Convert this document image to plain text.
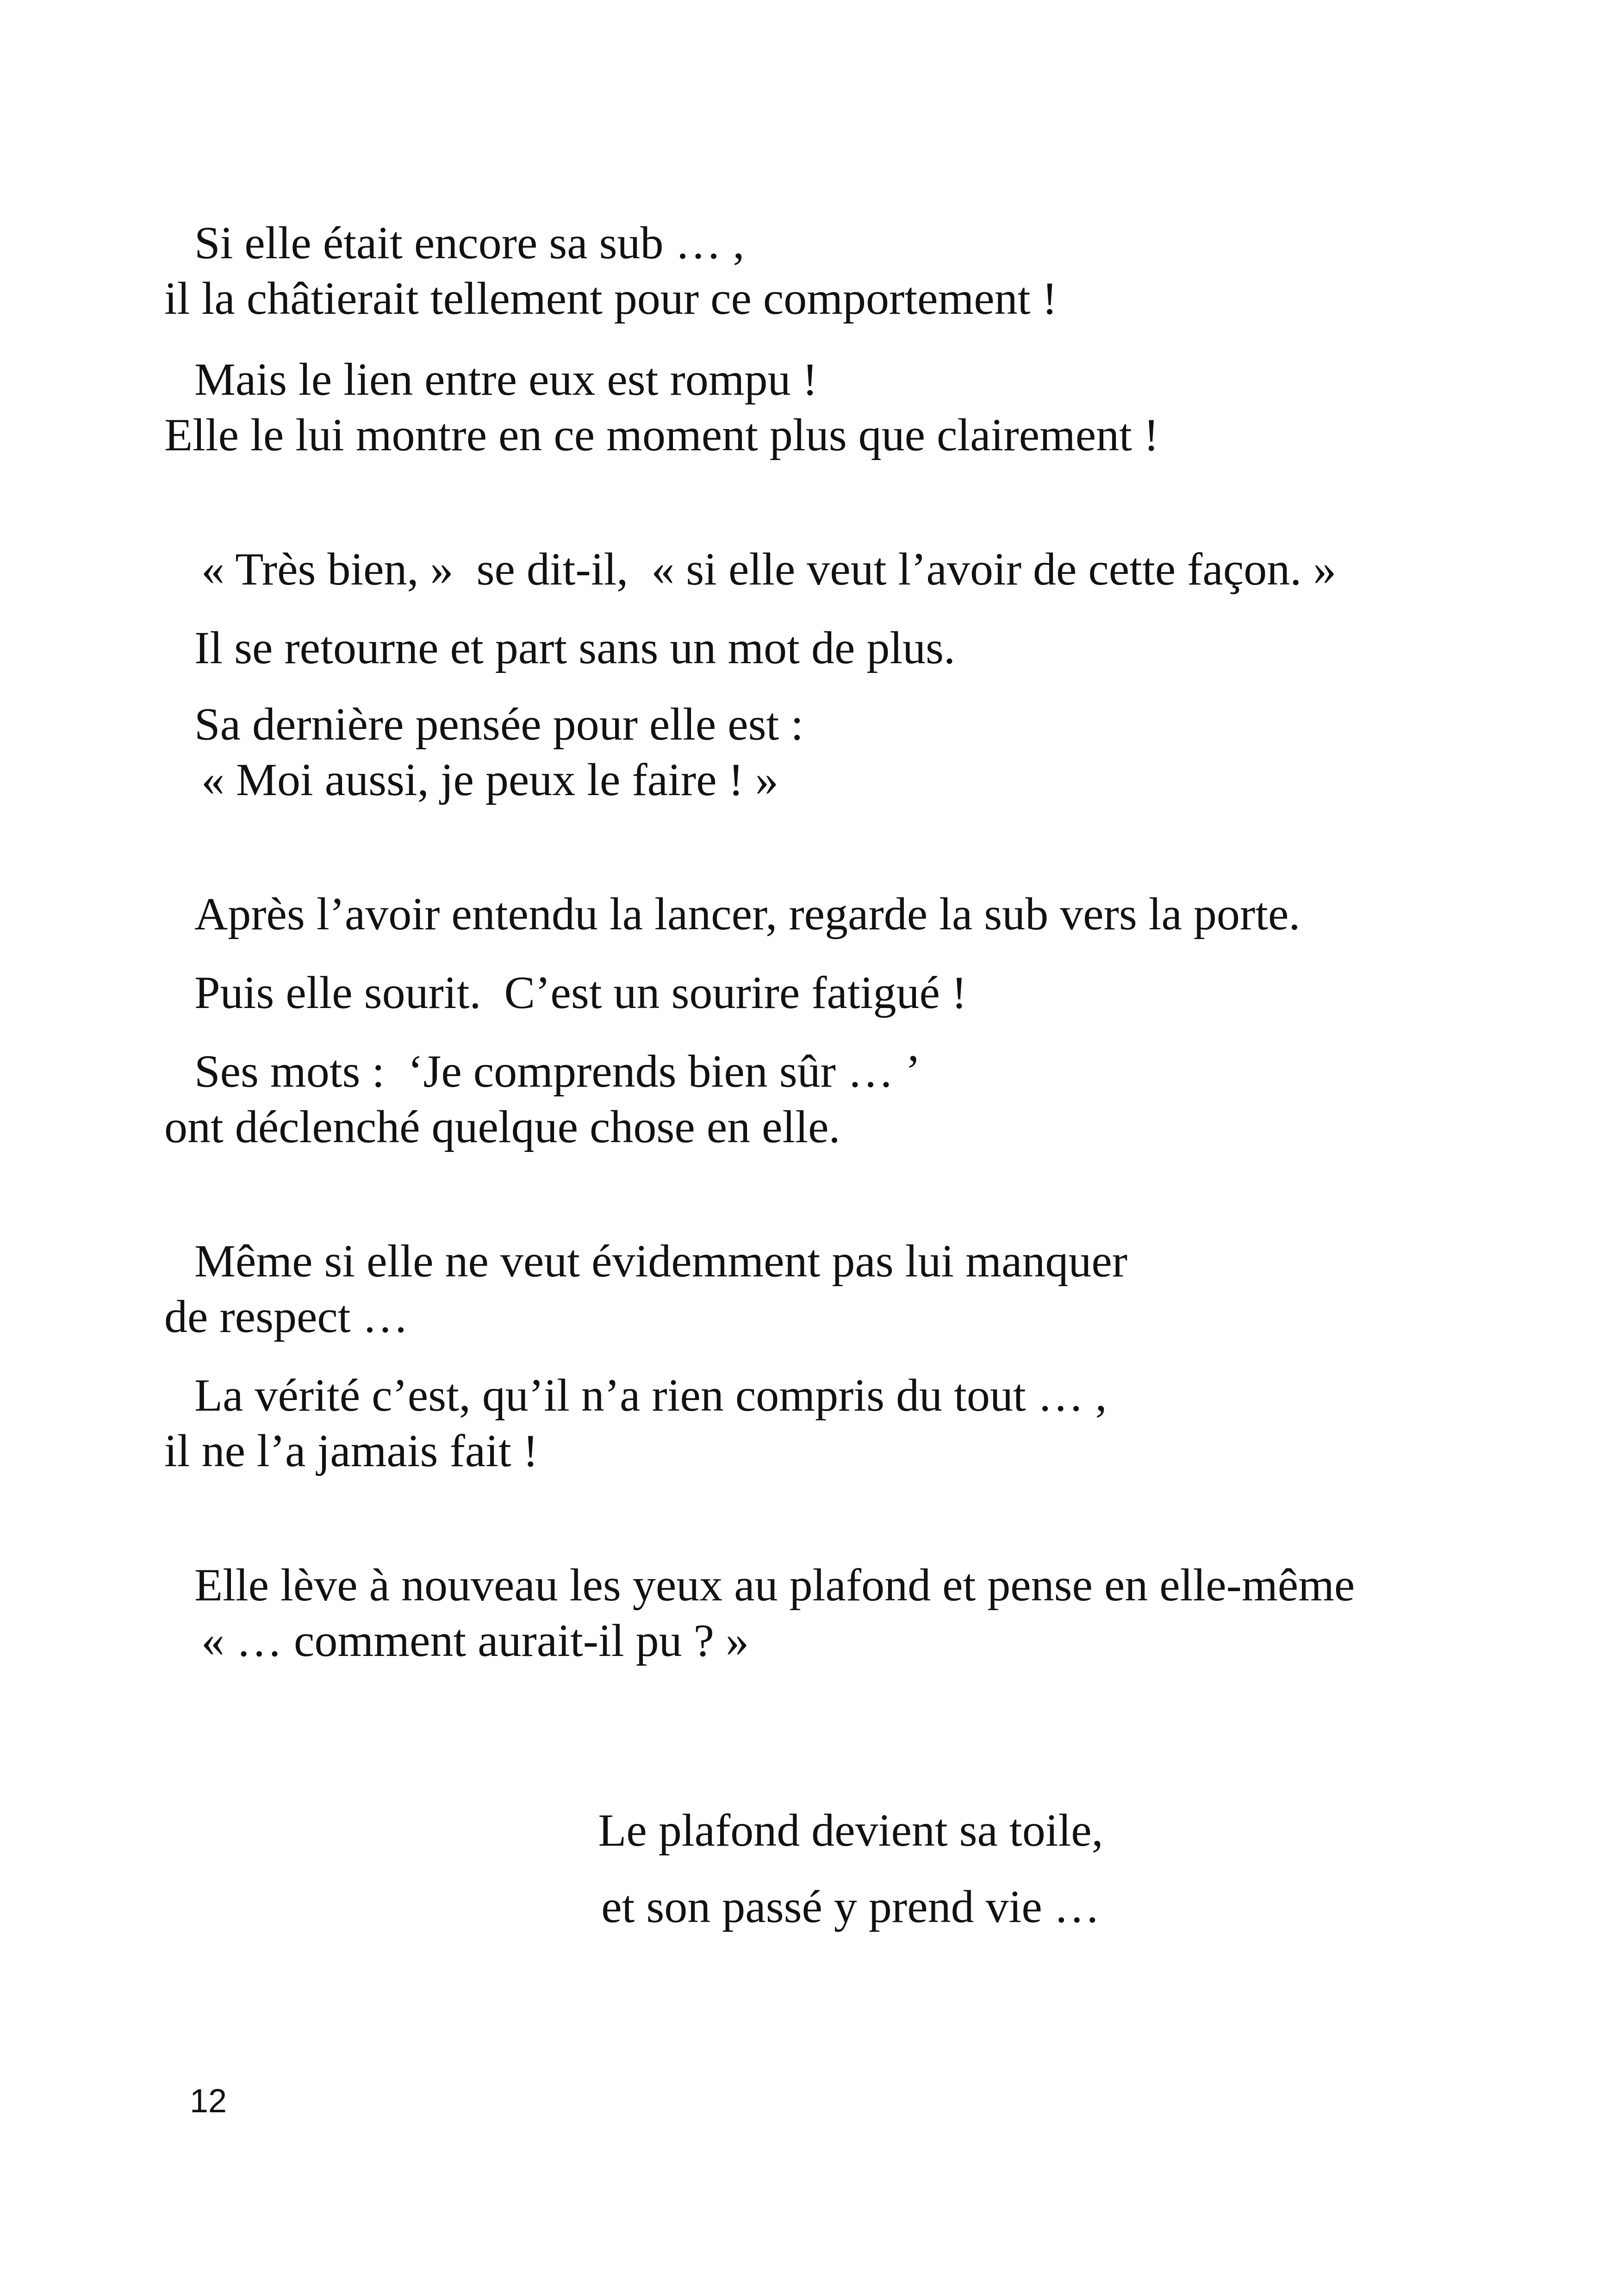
Si elle était encore sa sub … ,

il la châtierait tellement pour ce comportement !

Mais le lien entre eux est rompu !

Elle le lui montre en ce moment plus que clairement !

« Très bien, »  se dit-il,  « si elle veut l’avoir de cette façon. »

Il se retourne et part sans un mot de plus.

Sa dernière pensée pour elle est :

« Moi aussi, je peux le faire ! »

Après l’avoir entendu la lancer, regarde la sub vers la porte.

Puis elle sourit.  C’est un sourire fatigué !

Ses mots :  ‘Je comprends bien sûr … ’

ont déclenché quelque chose en elle.

Même si elle ne veut évidemment pas lui manquer

de respect …

La vérité c’est, qu’il n’a rien compris du tout … ,

il ne l’a jamais fait !

Elle lève à nouveau les yeux au plafond et pense en elle-même

« … comment aurait-il pu ? »

Le plafond devient sa toile,

et son passé y prend vie …

12
